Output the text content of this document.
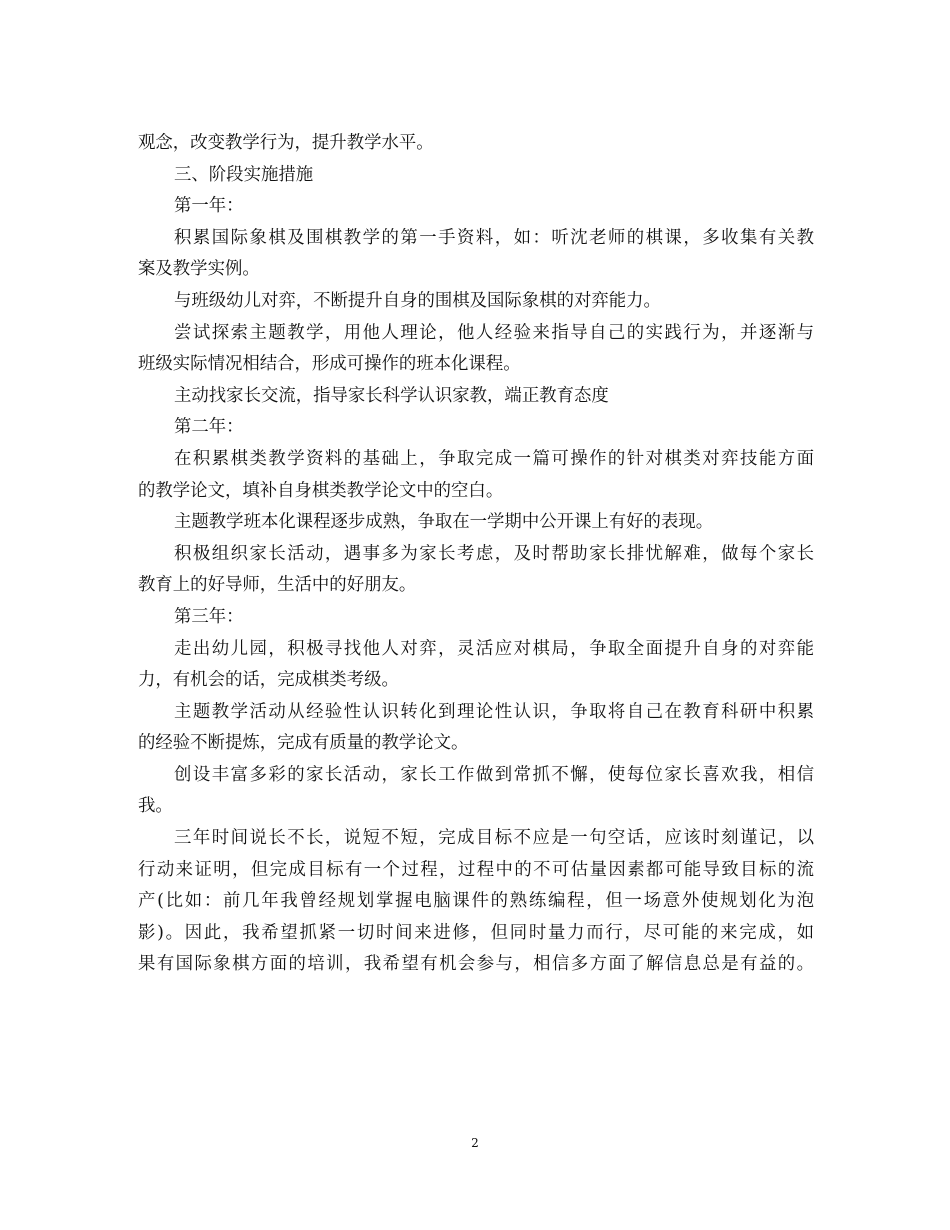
观念，改变教学行为，提升教学水平。
三、阶段实施措施
第一年：
积累国际象棋及围棋教学的第一手资料，如：听沈老师的棋课，多收集有关教
案及教学实例。
与班级幼儿对弈，不断提升自身的围棋及国际象棋的对弈能力。
尝试探索主题教学，用他人理论，他人经验来指导自己的实践行为，并逐渐与
班级实际情况相结合，形成可操作的班本化课程。
主动找家长交流，指导家长科学认识家教，端正教育态度
第二年：
在积累棋类教学资料的基础上，争取完成一篇可操作的针对棋类对弈技能方面
的教学论文，填补自身棋类教学论文中的空白。
主题教学班本化课程逐步成熟，争取在一学期中公开课上有好的表现。
积极组织家长活动，遇事多为家长考虑，及时帮助家长排忧解难，做每个家长
教育上的好导师，生活中的好朋友。
第三年：
走出幼儿园，积极寻找他人对弈，灵活应对棋局，争取全面提升自身的对弈能
力，有机会的话，完成棋类考级。
主题教学活动从经验性认识转化到理论性认识，争取将自己在教育科研中积累
的经验不断提炼，完成有质量的教学论文。
创设丰富多彩的家长活动，家长工作做到常抓不懈，使每位家长喜欢我，相信
我。
三年时间说长不长，说短不短，完成目标不应是一句空话，应该时刻谨记，以
行动来证明，但完成目标有一个过程，过程中的不可估量因素都可能导致目标的流
产(比如：前几年我曾经规划掌握电脑课件的熟练编程，但一场意外使规划化为泡
影)。因此，我希望抓紧一切时间来进修，但同时量力而行，尽可能的来完成，如
果有国际象棋方面的培训，我希望有机会参与，相信多方面了解信息总是有益的。
2
